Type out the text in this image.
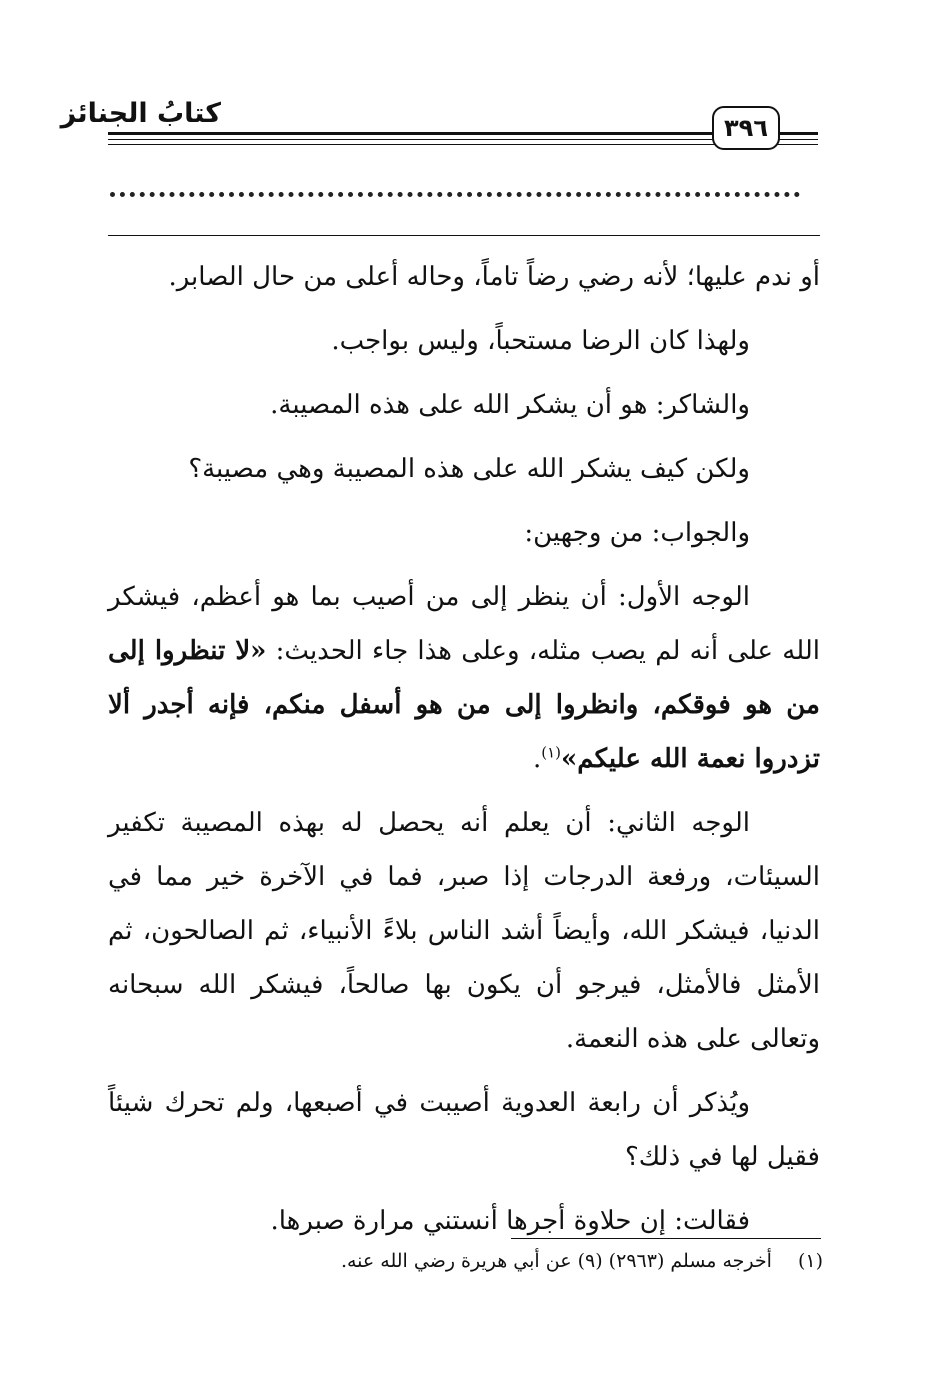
كتابُ الجنائز	٣٩٦

أو ندم عليها؛ لأنه رضي رضاً تاماً، وحاله أعلى من حال الصابر.

ولهذا كان الرضا مستحباً، وليس بواجب.

والشاكر: هو أن يشكر الله على هذه المصيبة.

ولكن كيف يشكر الله على هذه المصيبة وهي مصيبة؟

والجواب: من وجهين:

الوجه الأول: أن ينظر إلى من أصيب بما هو أعظم، فيشكر الله على أنه لم يصب مثله، وعلى هذا جاء الحديث: «لا تنظروا إلى من هو فوقكم، وانظروا إلى من هو أسفل منكم، فإنه أجدر ألا تزدروا نعمة الله عليكم»$^{(١)}$.

الوجه الثاني: أن يعلم أنه يحصل له بهذه المصيبة تكفير السيئات، ورفعة الدرجات إذا صبر، فما في الآخرة خير مما في الدنيا، فيشكر الله، وأيضاً أشد الناس بلاءً الأنبياء، ثم الصالحون، ثم الأمثل فالأمثل، فيرجو أن يكون بها صالحاً، فيشكر الله سبحانه وتعالى على هذه النعمة.

ويُذكر أن رابعة العدوية أصيبت في أصبعها، ولم تحرك شيئاً فقيل لها في ذلك؟

فقالت: إن حلاوة أجرها أنستني مرارة صبرها.

(١)أخرجه مسلم (٢٩٦٣) (٩) عن أبي هريرة رضي الله عنه.
